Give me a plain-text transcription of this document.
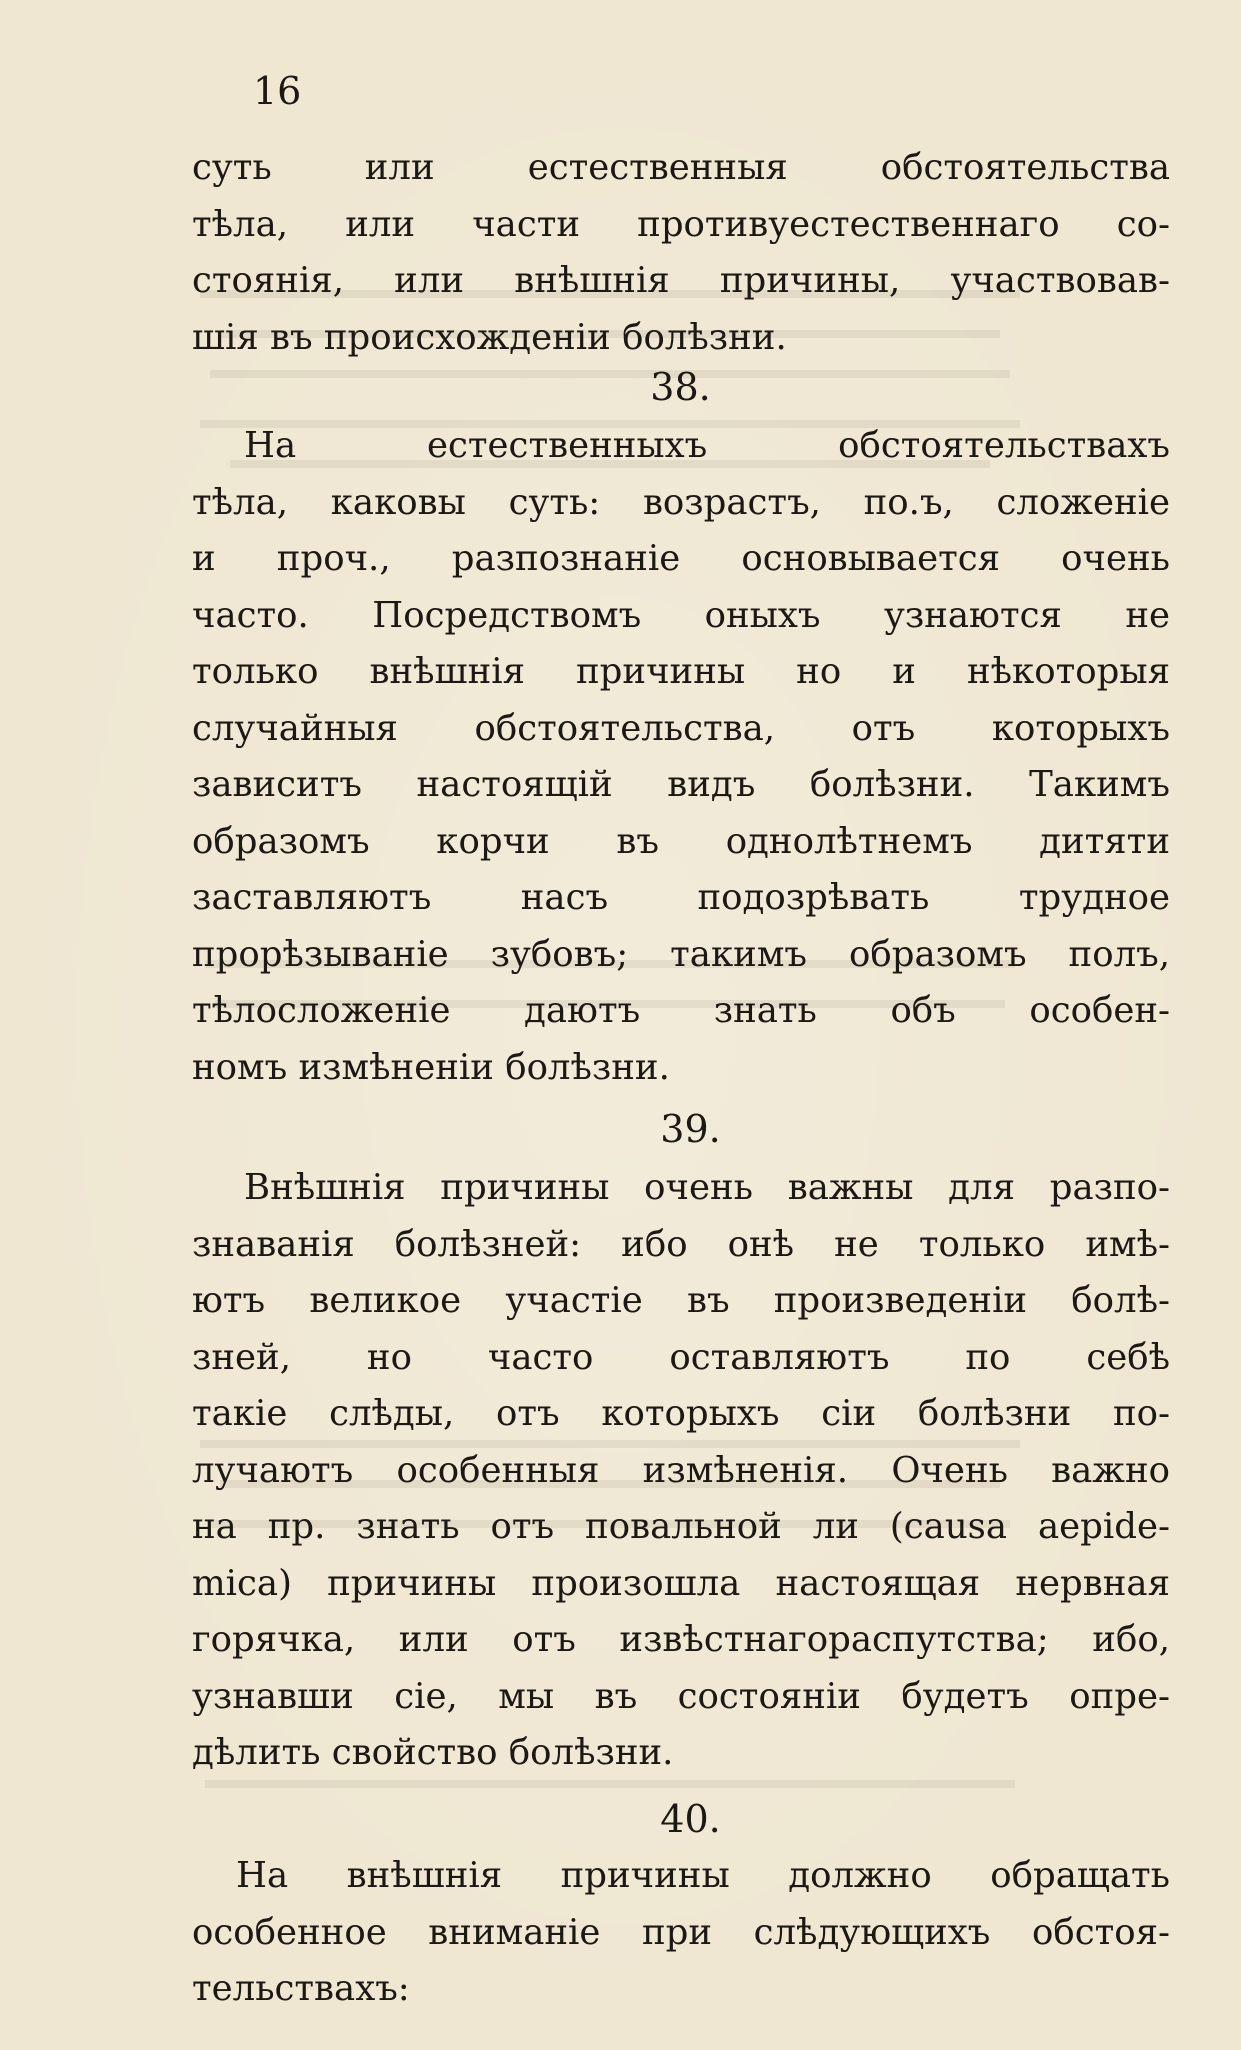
16
суть или естественныя обстоятельства
тѣла, или части противуестественнаго со-
стоянія, или внѣшнія причины, участвовав-
шія въ происхожденіи болѣзни.
38.
На естественныхъ обстоятельствахъ
тѣла, каковы суть: возрастъ, по.ъ, сложеніе
и проч., разпознаніе основывается очень
часто. Посредствомъ оныхъ узнаются не
только внѣшнія причины но и нѣкоторыя
случайныя обстоятельства, отъ которыхъ
зависитъ настоящій видъ болѣзни. Такимъ
образомъ корчи въ однолѣтнемъ дитяти
заставляютъ насъ подозрѣвать трудное
прорѣзываніе зубовъ; такимъ образомъ полъ,
тѣлосложеніе даютъ знать объ особен-
номъ измѣненіи болѣзни.
39.
Внѣшнія причины очень важны для разпо-
знаванія болѣзней: ибо онѣ не только имѣ-
ютъ великое участіе въ произведеніи болѣ-
зней, но часто оставляютъ по себѣ
такіе слѣды, отъ которыхъ сіи болѣзни по-
лучаютъ особенныя измѣненія. Очень важно
на пр. знать отъ повальной ли (causa aepide-
mica) причины произошла настоящая нервная
горячка, или отъ извѣстнагораспутства; ибо,
узнавши сіе, мы въ состояніи будетъ опре-
дѣлить свойство болѣзни.
40.
На внѣшнія причины должно обращать
особенное вниманіе при слѣдующихъ обстоя-
тельствахъ:
